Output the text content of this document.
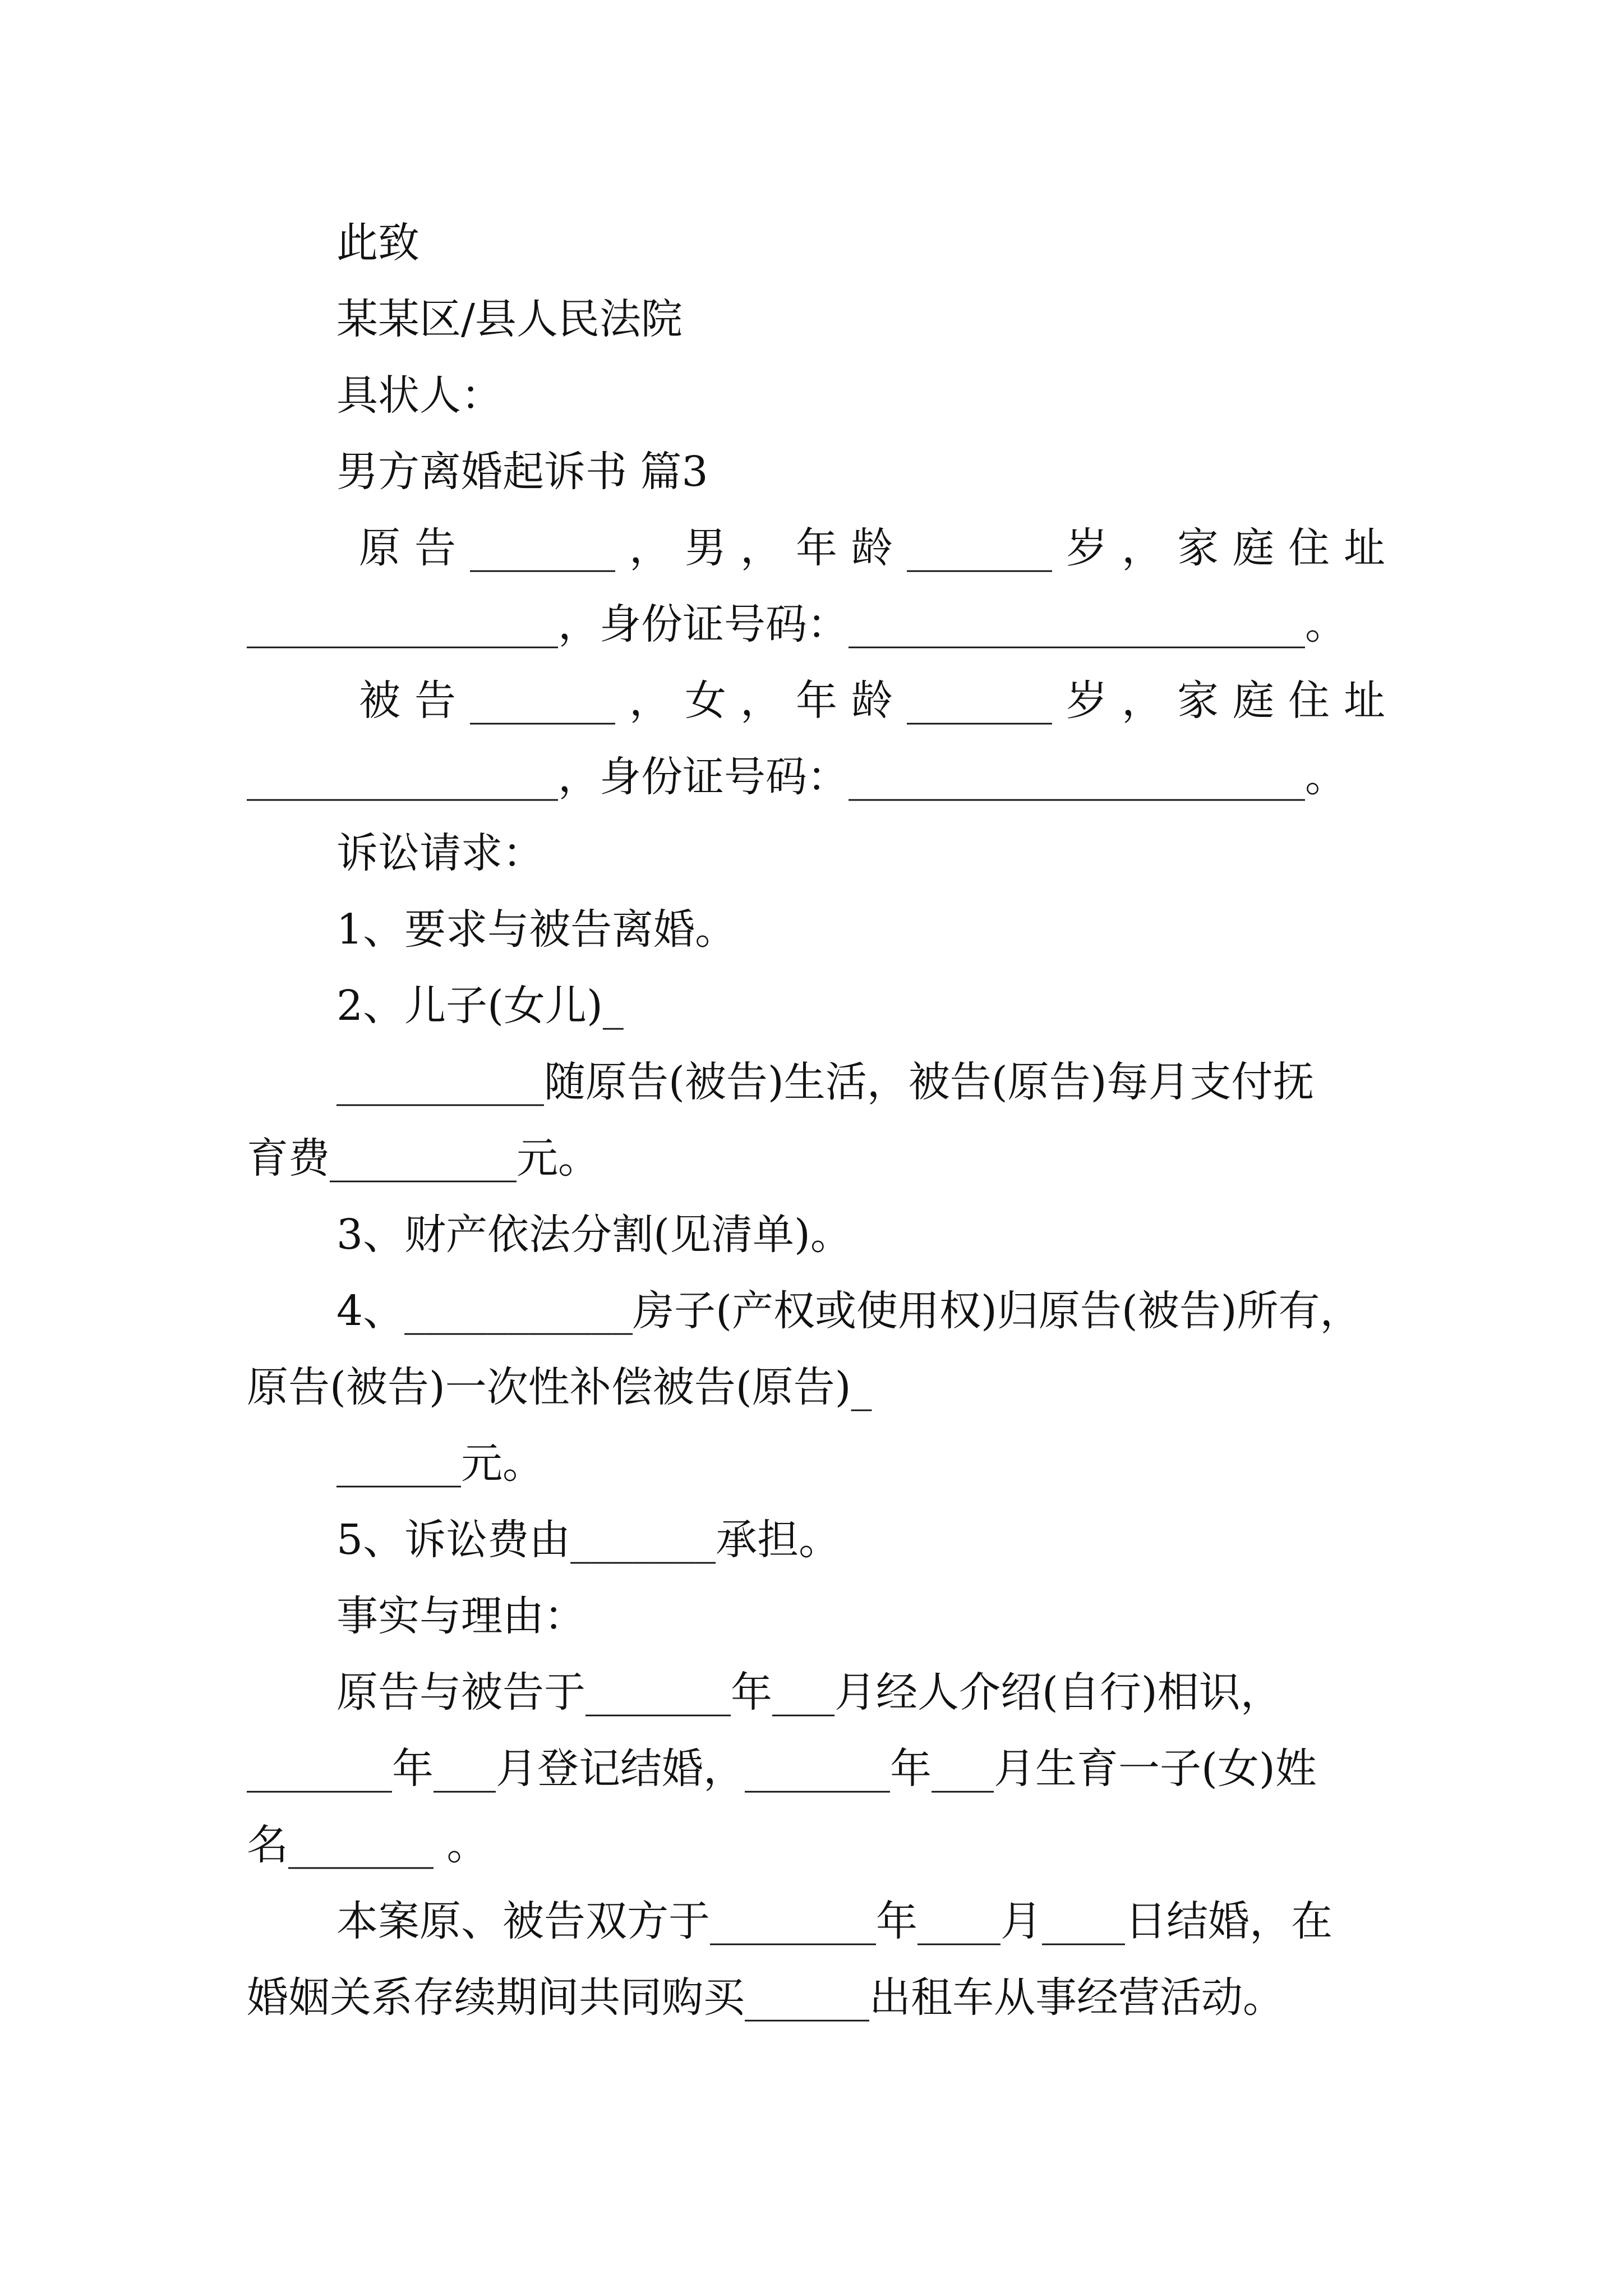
此致
某某区/县人民法院
具状人：
男方离婚起诉书 篇3
原 告 _______ ， 男 ， 年 龄 _______ 岁 ， 家 庭 住 址
_______________，身份证号码：______________________。
被 告 _______ ， 女 ， 年 龄 _______ 岁 ， 家 庭 住 址
_______________，身份证号码：______________________。
诉讼请求：
1、要求与被告离婚。
2、儿子(女儿)_
__________随原告(被告)生活，被告(原告)每月支付抚
育费_________元。
3、财产依法分割(见清单)。
4、___________房子(产权或使用权)归原告(被告)所有，
原告(被告)一次性补偿被告(原告)_
______元。
5、诉讼费由_______承担。
事实与理由：
原告与被告于_______年___月经人介绍(自行)相识，
_______年___月登记结婚，_______年___月生育一子(女)姓
名_______ 。
本案原、被告双方于________年____月____日结婚，在
婚姻关系存续期间共同购买______出租车从事经营活动。
